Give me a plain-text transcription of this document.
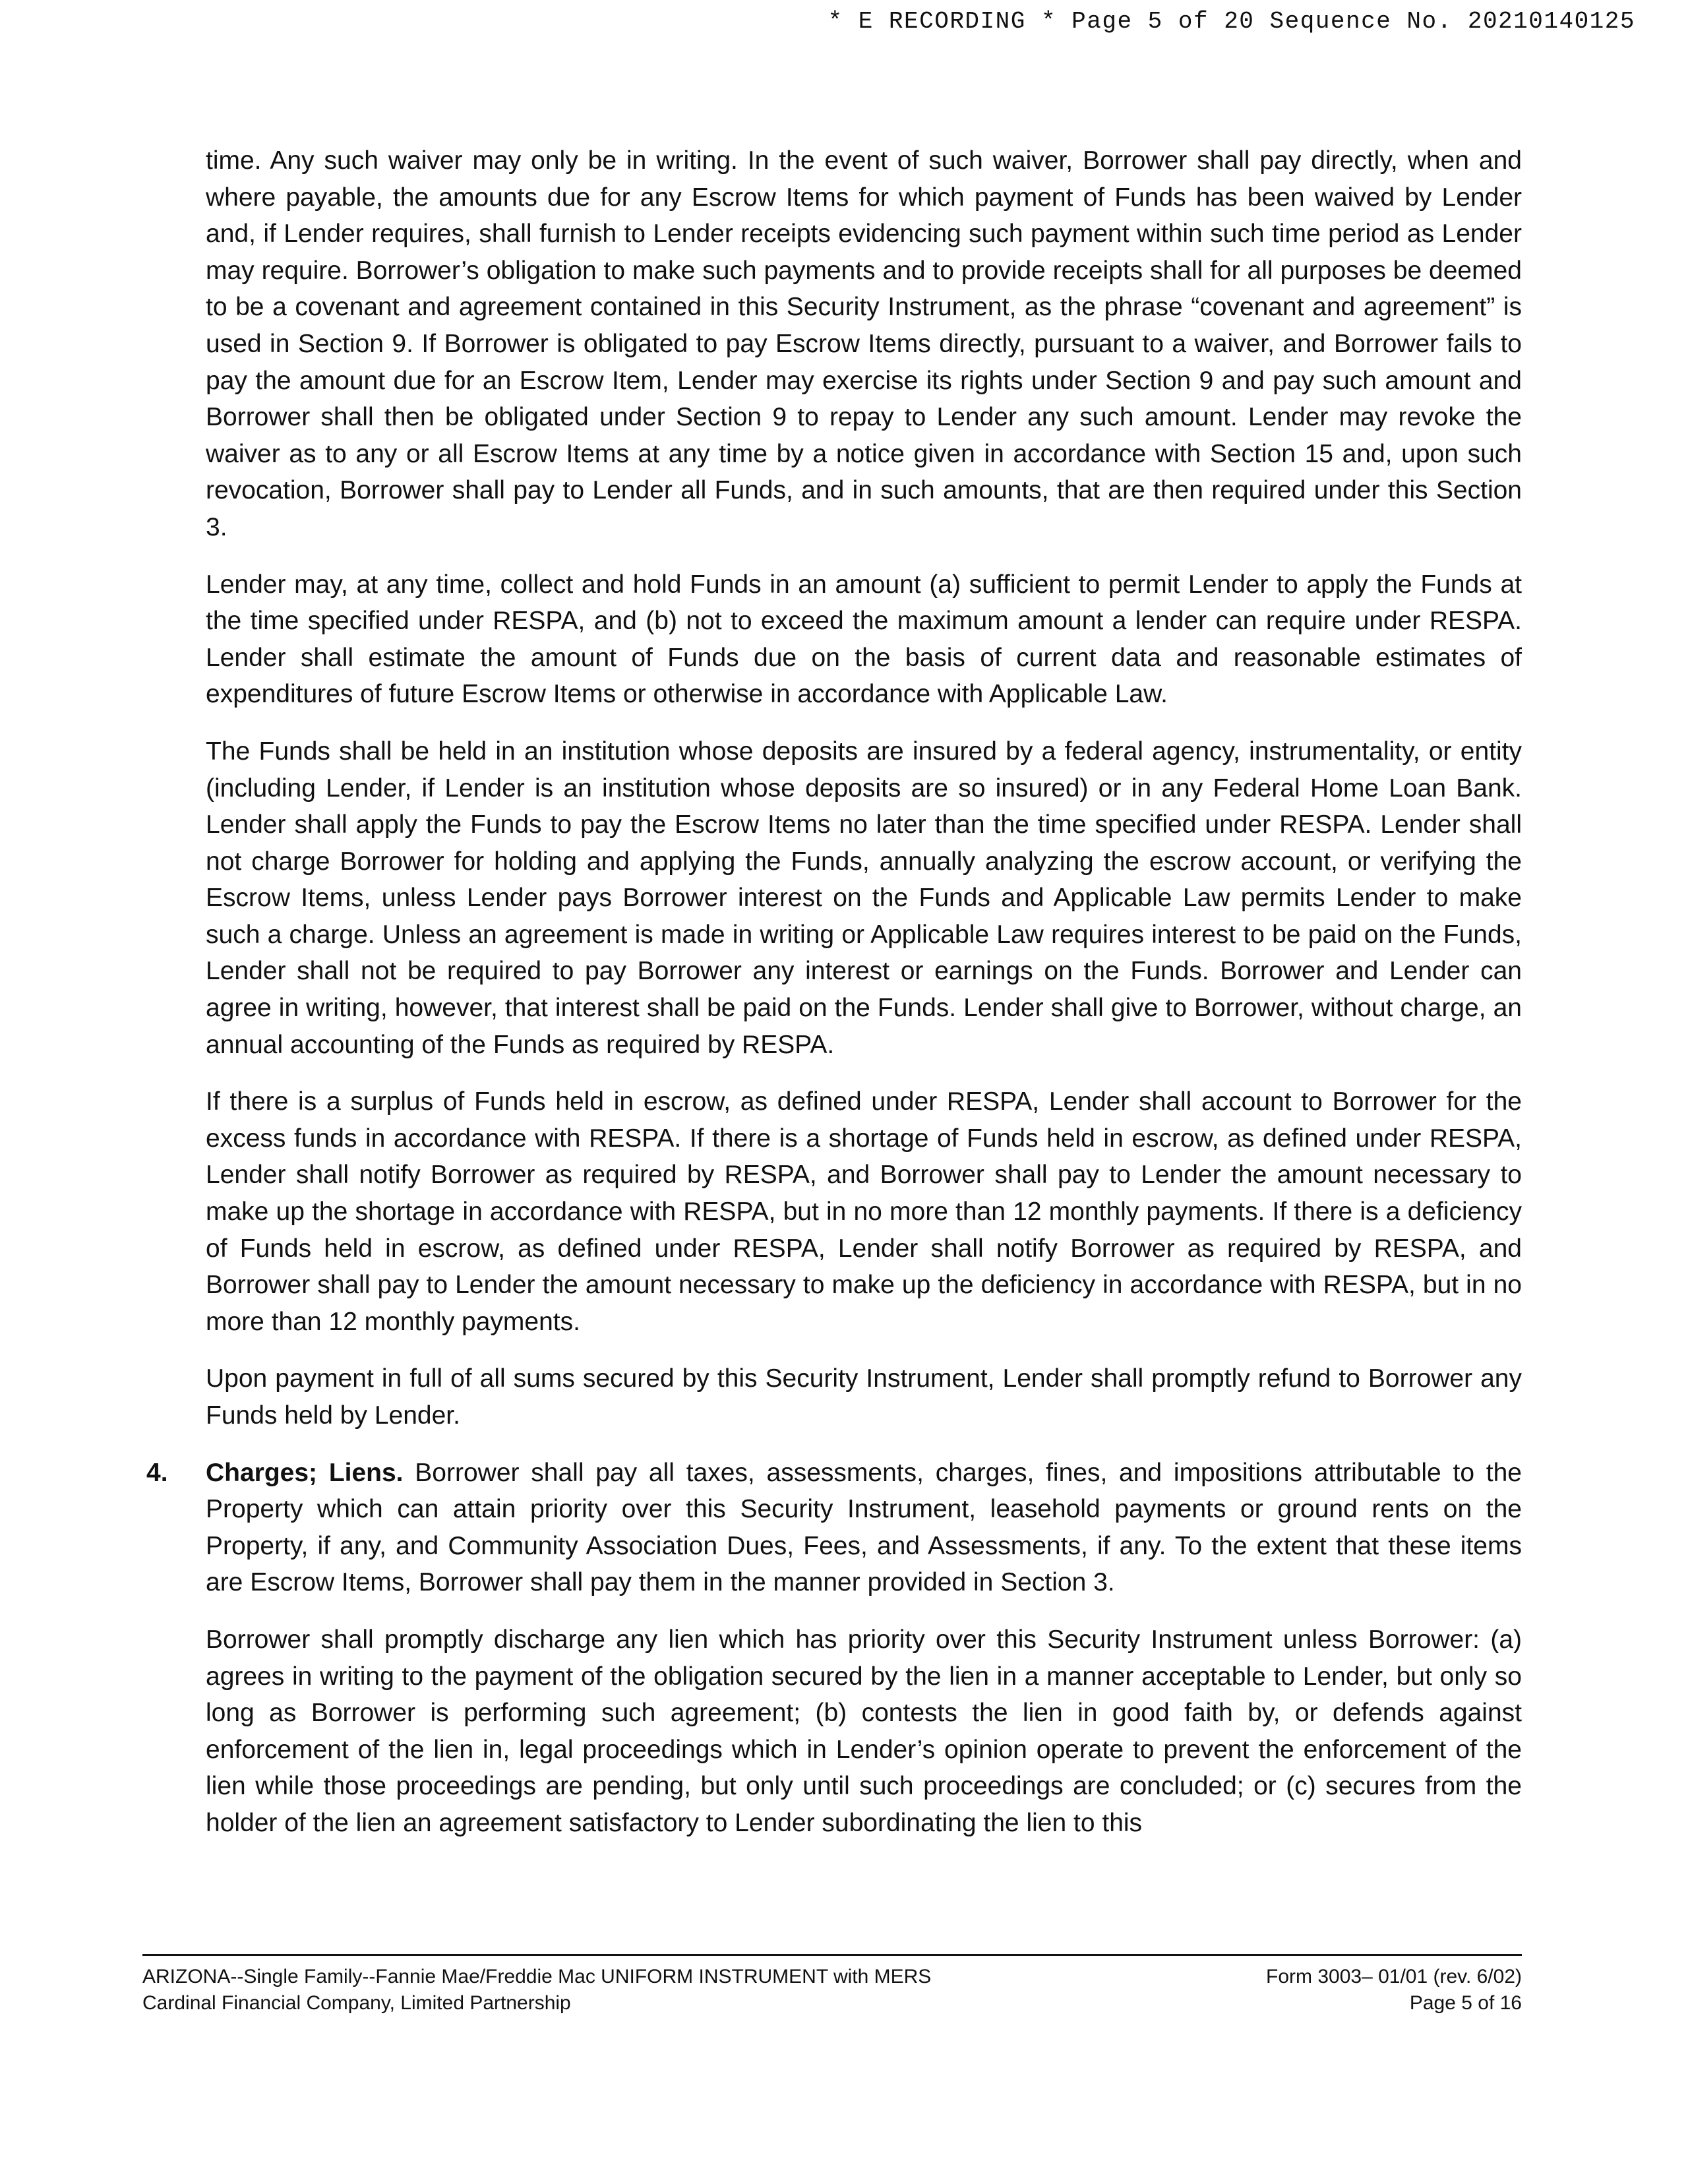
* E RECORDING * Page 5 of 20 Sequence No. 20210140125

time. Any such waiver may only be in writing. In the event of such waiver, Borrower shall pay directly, when and where payable, the amounts due for any Escrow Items for which payment of Funds has been waived by Lender and, if Lender requires, shall furnish to Lender receipts evidencing such payment within such time period as Lender may require. Borrower’s obligation to make such payments and to provide receipts shall for all purposes be deemed to be a covenant and agreement contained in this Security Instrument, as the phrase “covenant and agreement” is used in Section 9. If Borrower is obligated to pay Escrow Items directly, pursuant to a waiver, and Borrower fails to pay the amount due for an Escrow Item, Lender may exercise its rights under Section 9 and pay such amount and Borrower shall then be obligated under Section 9 to repay to Lender any such amount. Lender may revoke the waiver as to any or all Escrow Items at any time by a notice given in accordance with Section 15 and, upon such revocation, Borrower shall pay to Lender all Funds, and in such amounts, that are then required under this Section 3.

Lender may, at any time, collect and hold Funds in an amount (a) sufficient to permit Lender to apply the Funds at the time specified under RESPA, and (b) not to exceed the maximum amount a lender can require under RESPA. Lender shall estimate the amount of Funds due on the basis of current data and reasonable estimates of expenditures of future Escrow Items or otherwise in accordance with Applicable Law.

The Funds shall be held in an institution whose deposits are insured by a federal agency, instrumentality, or entity (including Lender, if Lender is an institution whose deposits are so insured) or in any Federal Home Loan Bank. Lender shall apply the Funds to pay the Escrow Items no later than the time specified under RESPA. Lender shall not charge Borrower for holding and applying the Funds, annually analyzing the escrow account, or verifying the Escrow Items, unless Lender pays Borrower interest on the Funds and Applicable Law permits Lender to make such a charge. Unless an agreement is made in writing or Applicable Law requires interest to be paid on the Funds, Lender shall not be required to pay Borrower any interest or earnings on the Funds. Borrower and Lender can agree in writing, however, that interest shall be paid on the Funds. Lender shall give to Borrower, without charge, an annual accounting of the Funds as required by RESPA.

If there is a surplus of Funds held in escrow, as defined under RESPA, Lender shall account to Borrower for the excess funds in accordance with RESPA. If there is a shortage of Funds held in escrow, as defined under RESPA, Lender shall notify Borrower as required by RESPA, and Borrower shall pay to Lender the amount necessary to make up the shortage in accordance with RESPA, but in no more than 12 monthly payments. If there is a deficiency of Funds held in escrow, as defined under RESPA, Lender shall notify Borrower as required by RESPA, and Borrower shall pay to Lender the amount necessary to make up the deficiency in accordance with RESPA, but in no more than 12 monthly payments.

Upon payment in full of all sums secured by this Security Instrument, Lender shall promptly refund to Borrower any Funds held by Lender.

4. Charges; Liens. Borrower shall pay all taxes, assessments, charges, fines, and impositions attributable to the Property which can attain priority over this Security Instrument, leasehold payments or ground rents on the Property, if any, and Community Association Dues, Fees, and Assessments, if any. To the extent that these items are Escrow Items, Borrower shall pay them in the manner provided in Section 3.

Borrower shall promptly discharge any lien which has priority over this Security Instrument unless Borrower: (a) agrees in writing to the payment of the obligation secured by the lien in a manner acceptable to Lender, but only so long as Borrower is performing such agreement; (b) contests the lien in good faith by, or defends against enforcement of the lien in, legal proceedings which in Lender’s opinion operate to prevent the enforcement of the lien while those proceedings are pending, but only until such proceedings are concluded; or (c) secures from the holder of the lien an agreement satisfactory to Lender subordinating the lien to this

ARIZONA--Single Family--Fannie Mae/Freddie Mac UNIFORM INSTRUMENT with MERS	Form 3003– 01/01 (rev. 6/02)
Cardinal Financial Company, Limited Partnership	Page 5 of 16
